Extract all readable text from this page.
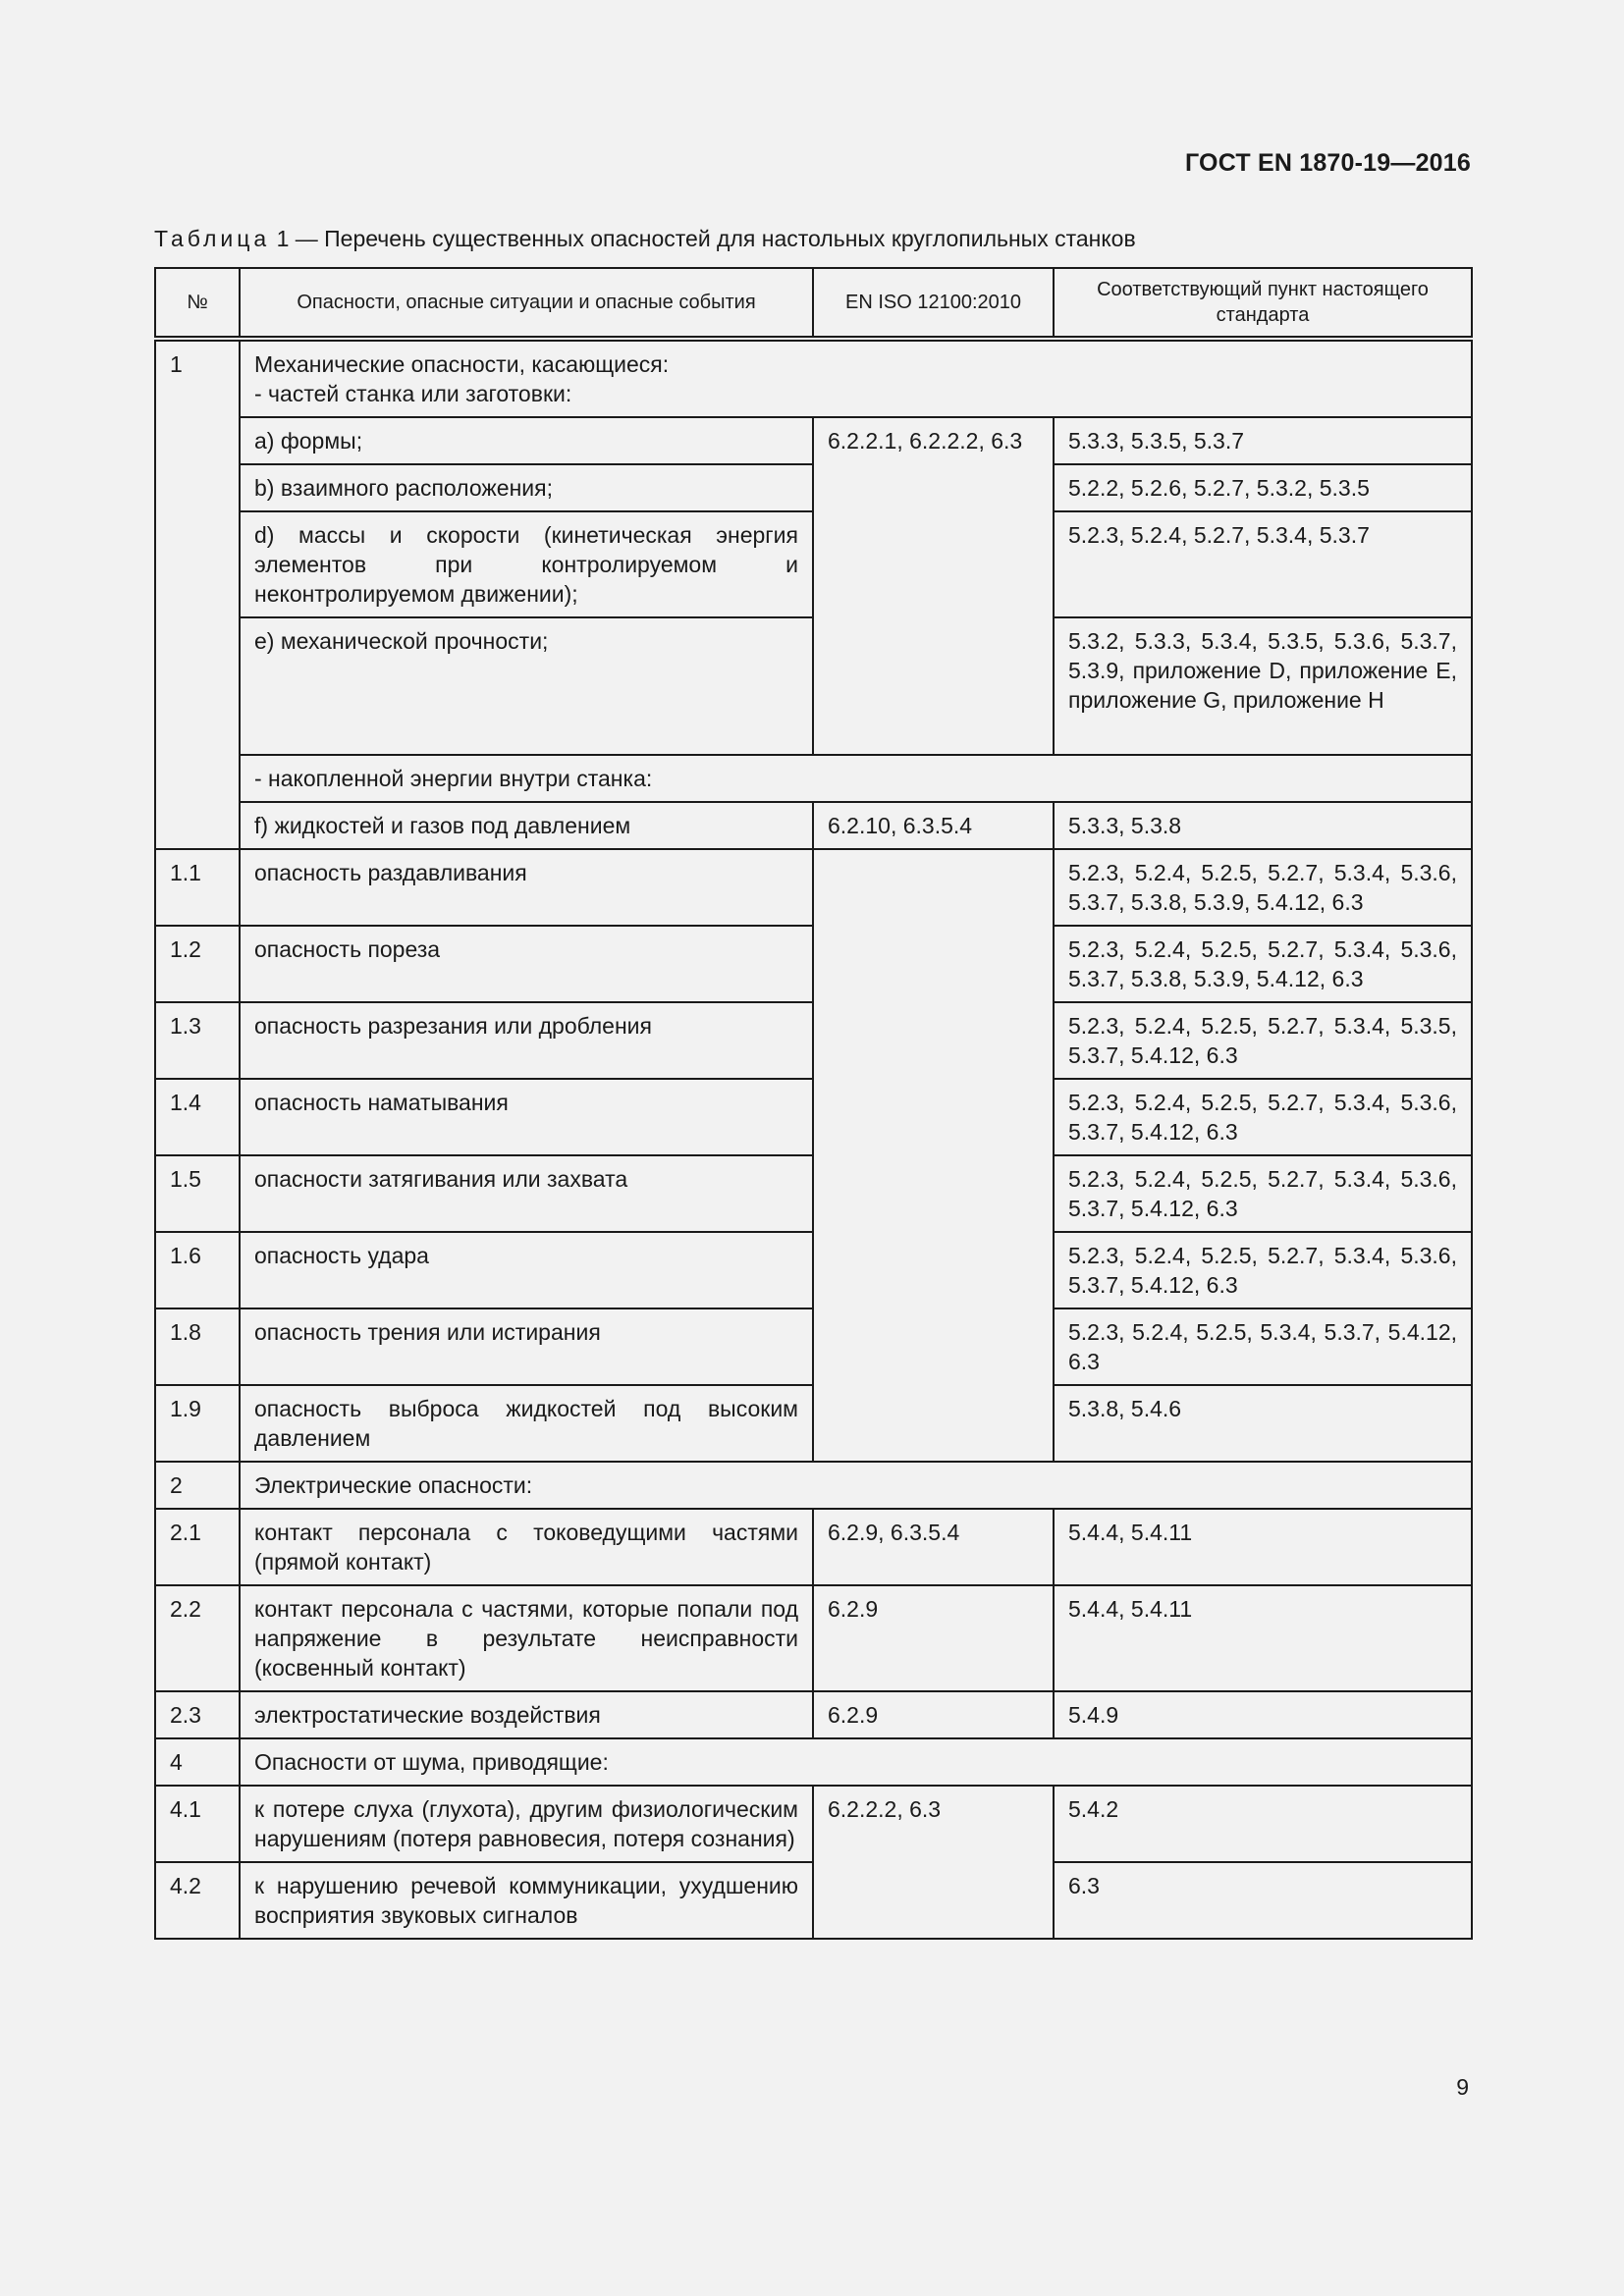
ГОСТ EN 1870-19—2016
Таблица 1 — Перечень существенных опасностей для настольных круглопильных станков
№	Опасности, опасные ситуации и опасные события	EN ISO 12100:2010	Соответствующий пункт настоящего стандарта
1	Механические опасности, касающиеся:
- частей станка или заготовки:		
	a) формы;	6.2.2.1, 6.2.2.2, 6.3	5.3.3, 5.3.5, 5.3.7
	b) взаимного расположения;		5.2.2, 5.2.6, 5.2.7, 5.3.2, 5.3.5
	d) массы и скорости (кинетическая энергия элементов при контролируемом и неконтролируемом движении);		5.2.3, 5.2.4, 5.2.7, 5.3.4, 5.3.7
	e) механической прочности;		5.3.2, 5.3.3, 5.3.4, 5.3.5, 5.3.6, 5.3.7, 5.3.9, приложение D, приложение E, приложение G, приложение H
	- накопленной энергии внутри станка:		
	f) жидкостей и газов под давлением	6.2.10, 6.3.5.4	5.3.3, 5.3.8
1.1	опасность раздавливания		5.2.3, 5.2.4, 5.2.5, 5.2.7, 5.3.4, 5.3.6, 5.3.7, 5.3.8, 5.3.9, 5.4.12, 6.3
1.2	опасность пореза		5.2.3, 5.2.4, 5.2.5, 5.2.7, 5.3.4, 5.3.6, 5.3.7, 5.3.8, 5.3.9, 5.4.12, 6.3
1.3	опасность разрезания или дробления		5.2.3, 5.2.4, 5.2.5, 5.2.7, 5.3.4, 5.3.5, 5.3.7, 5.4.12, 6.3
1.4	опасность наматывания		5.2.3, 5.2.4, 5.2.5, 5.2.7, 5.3.4, 5.3.6, 5.3.7, 5.4.12, 6.3
1.5	опасности затягивания или захвата		5.2.3, 5.2.4, 5.2.5, 5.2.7, 5.3.4, 5.3.6, 5.3.7, 5.4.12, 6.3
1.6	опасность удара		5.2.3, 5.2.4, 5.2.5, 5.2.7, 5.3.4, 5.3.6, 5.3.7, 5.4.12, 6.3
1.8	опасность трения или истирания		5.2.3, 5.2.4, 5.2.5, 5.3.4, 5.3.7, 5.4.12, 6.3
1.9	опасность выброса жидкостей под высоким давлением		5.3.8, 5.4.6
2	Электрические опасности:		
2.1	контакт персонала с токоведущими частями (прямой контакт)	6.2.9, 6.3.5.4	5.4.4, 5.4.11
2.2	контакт персонала с частями, которые попали под напряжение в результате неисправности (косвенный контакт)	6.2.9	5.4.4, 5.4.11
2.3	электростатические воздействия	6.2.9	5.4.9
4	Опасности от шума, приводящие:		
4.1	к потере слуха (глухота), другим физиологическим нарушениям (потеря равновесия, потеря сознания)	6.2.2.2, 6.3	5.4.2
4.2	к нарушению речевой коммуникации, ухудшению восприятия звуковых сигналов		6.3
9
